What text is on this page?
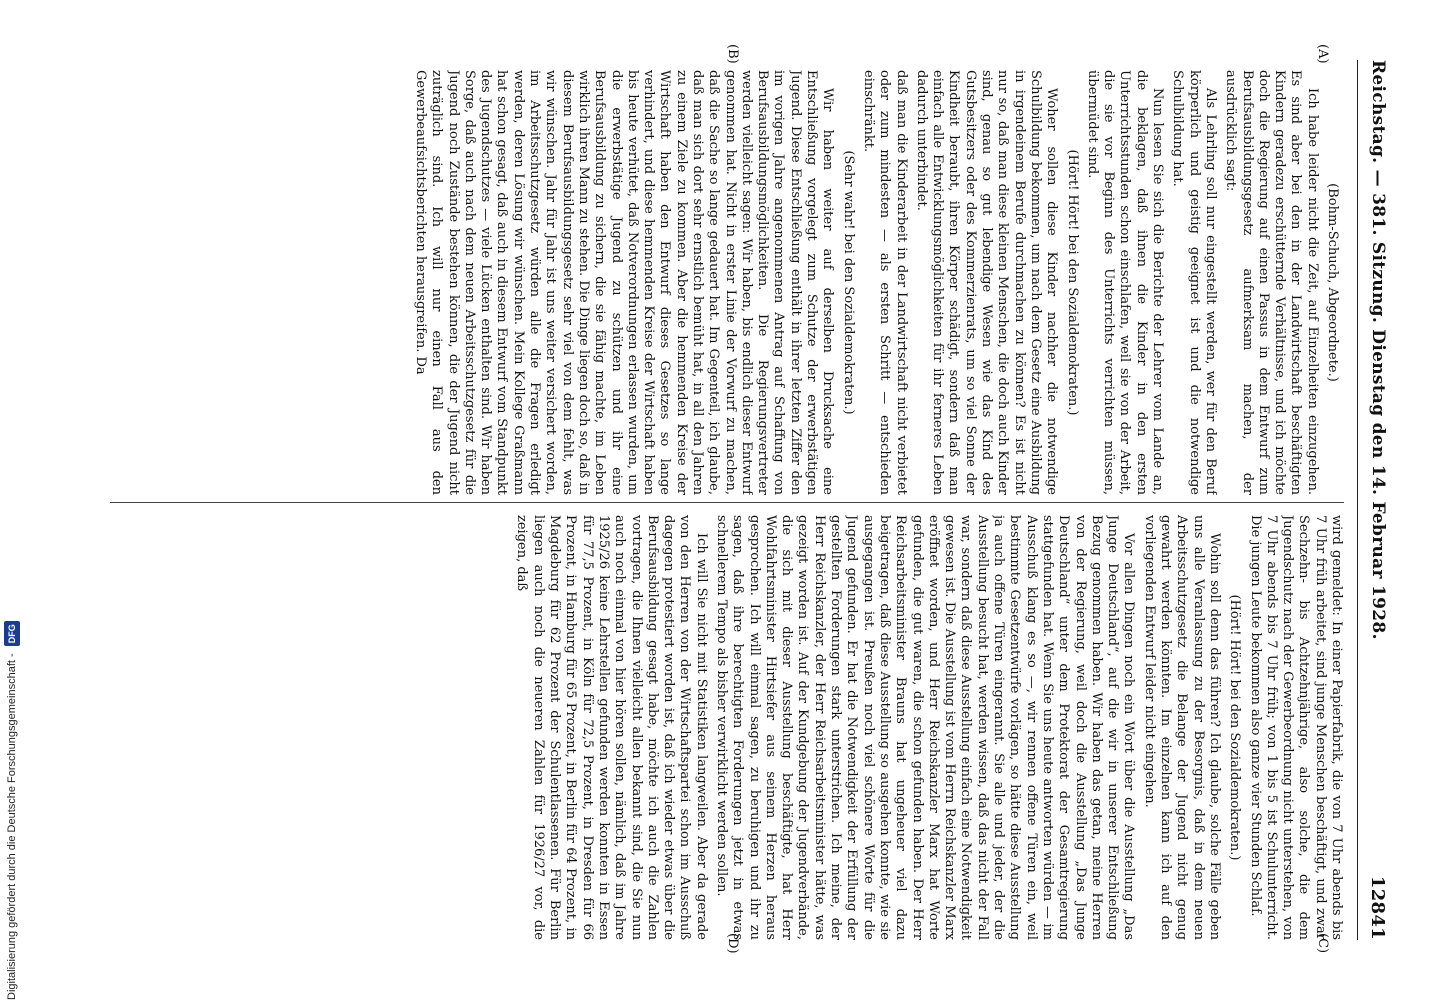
Digitalisierung gefördert durch die Deutsche Forschungsgemeinschaft - DFG	Reichstag. — 381. Sitzung. Dienstag den 14. Februar 1928.
12841
(A)
(B)
(C)
(D)

(Bohm-Schuch, Abgeordnete.)

Ich habe leider nicht die Zeit, auf Einzelheiten einzugehen. Es sind aber bei den in der Landwirtschaft beschäftigten Kindern geradezu erschütternde Verhältnisse, und ich möchte doch die Regierung auf einen Passus in dem Entwurf zum Berufsausbildungsgesetz aufmerksam machen, der ausdrücklich sagt:

Als Lehrling soll nur eingestellt werden, wer für den Beruf körperlich und geistig geeignet ist und die notwendige Schulbildung hat.

Nun lesen Sie sich die Berichte der Lehrer vom Lande an, die beklagen, daß ihnen die Kinder in den ersten Unterrichtsstunden schon einschlafen, weil sie von der Arbeit, die sie vor Beginn des Unterrichts verrichten müssen, übermüdet sind.

(Hört! Hört! bei den Sozialdemokraten.)

Woher sollen diese Kinder nachher die notwendige Schulbildung bekommen, um nach dem Gesetz eine Ausbildung in irgendeinem Berufe durchmachen zu können? Es ist nicht nur so, daß man diese kleinen Menschen, die doch auch Kinder sind, genau so gut lebendige Wesen wie das Kind des Gutsbesitzers oder des Kommerzienrats, um so viel Sonne der Kindheit beraubt, ihren Körper schädigt, sondern daß man einfach alle Entwicklungsmöglichkeiten für ihr ferneres Leben dadurch unterbindet.

daß man die Kinderarbeit in der Landwirtschaft nicht verbietet oder zum mindesten — als ersten Schritt — entschieden einschränkt.

(Sehr wahr! bei den Sozialdemokraten.)

Wir haben weiter auf derselben Drucksache eine Entschließung vorgelegt zum Schutze der erwerbstätigen Jugend. Diese Entschließung enthält in ihrer letzten Ziffer den im vorigen Jahre angenommenen Antrag auf Schaffung von Berufsausbildungsmöglichkeiten. Die Regierungsvertreter werden vielleicht sagen: Wir haben, bis endlich dieser Entwurf genommen hat. Nicht in erster Linie der Vorwurf zu machen, daß die Sache so lange gedauert hat. Im Gegenteil, ich glaube, daß man sich dort sehr ernstlich bemüht hat, in all den Jahren zu einem Ziele zu kommen. Aber die hemmenden Kreise der Wirtschaft haben den Entwurf dieses Gesetzes so lange verhindert, und diese hemmenden Kreise der Wirtschaft haben bis heute verhütet, daß Notverordnungen erlassen wurden, um die erwerbstätige Jugend zu schützen und ihr eine Berufsausbildung zu sichern, die sie fähig machte, im Leben wirklich ihren Mann zu stehen. Die Dinge liegen doch so, daß in diesem Berufsausbildungsgesetz sehr viel von dem fehlt, was wir wünschen. Jahr für Jahr ist uns weiter versichert worden, im Arbeitsschutzgesetz würden alle die Fragen erledigt werden, deren Lösung wir wünschen. Mein Kollege Graßmann hat schon gesagt, daß auch in diesem Entwurf vom Standpunkt des Jugendschutzes — viele Lücken enthalten sind. Wir haben Sorge, daß auch nach dem neuen Arbeitsschutzgesetz für die Jugend noch Zustände bestehen können, die der Jugend nicht zuträglich sind. Ich will nur einen Fall aus den Gewerbeaufsichtsberichten herausgreifen. Da

wird gemeldet: In einer Papierfabrik, die von 7 Uhr abends bis 7 Uhr früh arbeitet, sind junge Menschen beschäftigt, und zwar Sechzehn- bis Achtzehnjährige, also solche, die dem Jugendschutz nach der Gewerbeordnung nicht unterstehen, von 7 Uhr abends bis 7 Uhr früh; von 1 bis 5 ist Schulunterricht. Die jungen Leute bekommen also ganze vier Stunden Schlaf.

(Hört! Hört! bei den Sozialdemokraten.)

Wohin soll denn das führen? Ich glaube, solche Fälle geben uns alle Veranlassung zu der Besorgnis, daß in dem neuen Arbeitsschutzgesetz die Belange der Jugend nicht genug gewahrt werden könnten. Im einzelnen kann ich auf den vorliegenden Entwurf leider nicht eingehen.

Vor allen Dingen noch ein Wort über die Ausstellung „Das Junge Deutschland“, auf die wir in unserer Entschließung Bezug genommen haben. Wir haben das getan, meine Herren von der Regierung, weil doch die Ausstellung „Das Junge Deutschland“ unter dem Protektorat der Gesamtregierung stattgefunden hat. Wenn Sie uns heute antworten würden — im Ausschuß klang es so —, wir rennen offene Türen ein, weil bestimmte Gesetzentwürfe vorlägen, so hätte diese Ausstellung ja auch offene Türen eingerannt. Sie alle und jeder, der die Ausstellung besucht hat, werden wissen, daß das nicht der Fall war, sondern daß diese Ausstellung einfach eine Notwendigkeit gewesen ist. Die Ausstellung ist vom Herrn Reichskanzler Marx eröffnet worden, und Herr Reichskanzler Marx hat Worte gefunden, die gut waren, die schon gefunden haben. Der Herr Reichsarbeitsminister Brauns hat ungeheuer viel dazu beigetragen, daß diese Ausstellung so ausgehen konnte, wie sie ausgegangen ist. Preußen noch viel schönere Worte für die Jugend gefunden. Er hat die Notwendigkeit der Erfüllung der gestellten Forderungen stark unterstrichen. Ich meine, der Herr Reichskanzler, der Herr Reichsarbeitsminister hätte, was gezeigt worden ist. Auf der Kundgebung der Jugendverbände, die sich mit dieser Ausstellung beschäftigte, hat Herr Wohlfahrtsminister Hirtsiefer aus seinem Herzen heraus gesprochen. Ich will einmal sagen, zu beruhigen und ihr zu sagen, daß ihre berechtigten Forderungen jetzt in etwas schnellerem Tempo als bisher verwirklicht werden sollen.

Ich will Sie nicht mit Statistiken langweilen. Aber da gerade von den Herren von der Wirtschaftspartei schon im Ausschuß dagegen protestiert worden ist, daß ich wieder etwas über die Berufsausbildung gesagt habe, möchte ich auch die Zahlen vortragen, die Ihnen vielleicht allen bekannt sind, die Sie nun auch noch einmal von hier hören sollen, nämlich, daß im Jahre 1925/26 keine Lehrstellen gefunden werden konnten in Essen für 77,5 Prozent, in Köln für 72,5 Prozent, in Dresden für 66 Prozent, in Hamburg für 65 Prozent, in Berlin für 64 Prozent, in Magdeburg für 62 Prozent der Schulentlassenen. Für Berlin liegen auch noch die neueren Zahlen für 1926/27 vor, die zeigen, daß
